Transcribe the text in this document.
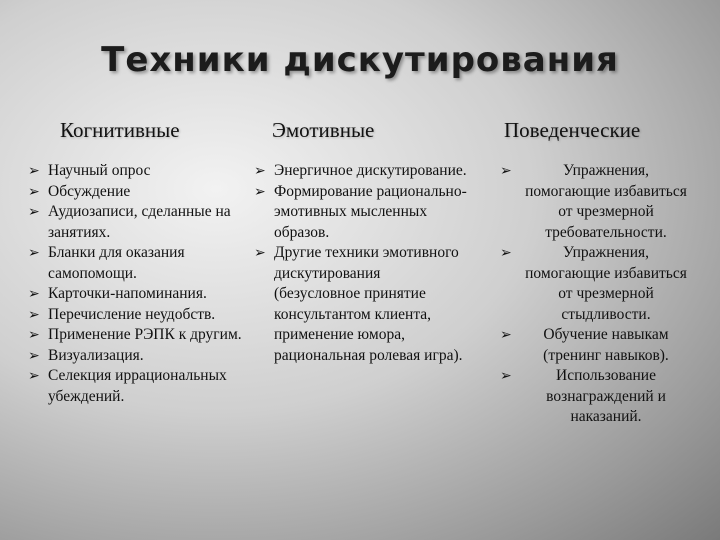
Техники дискутирования
Когнитивные
➢ Научный опрос
➢ Обсуждение
➢ Аудиозаписи, сделанные на занятиях.
➢ Бланки для оказания самопомощи.
➢ Карточки-напоминания.
➢ Перечисление неудобств.
➢ Применение РЭПК к другим.
➢ Визуализация.
➢ Селекция иррациональных убеждений.
Эмотивные
➢ Энергичное дискутирование.
➢ Формирование рационально-эмотивных мысленных образов.
➢ Другие техники эмотивного дискутирования (безусловное принятие консультантом клиента, применение юмора, рациональная ролевая игра).
Поведенческие
➢	Упражнения, помогающие избавиться от чрезмерной требовательности.
➢	Упражнения, помогающие избавиться от чрезмерной стыдливости.
➢ Обучение навыкам (тренинг навыков).
➢	Использование вознаграждений и наказаний.
